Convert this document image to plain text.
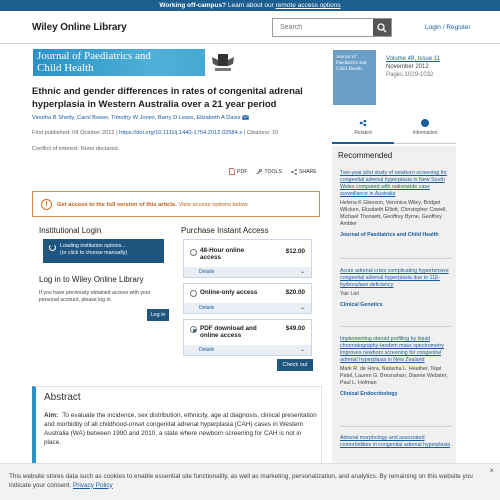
Working off-campus? Learn about our remote access options
Wiley Online Library
Search	Login / Register
Journal of Paediatrics and
Child Health
Ethnic and gender differences in rates of congenital adrenal hyperplasia in Western Australia over a 21 year period
Vinutha B Shetty, Carol Bower, Timothy W Jones, Barry D Lewis, Elizabeth A Davis
First published: 08 October 2012 | https://doi.org/10.1111/j.1440-1754.2012.02584.x | Citations: 10
Conflict of interest: None declared.
PDF	TOOLS	SHARE
!	Get access to the full version of this article. View access options below.
Institutional Login
Loading institution options...
(or click to choose manually)
Log in to Wiley Online Library
If you have previously obtained access with your personal account, please log in.
Log in
Purchase Instant Access
48-Hour online
access
$12.00
Details	⌄
Online-only access	$20.00
Details	⌄
PDF download and
online access
$49.00
Details	⌄
Check out
Abstract
Aim: To evaluate the incidence, sex distribution, ethnicity, age at diagnosis, clinical presentation and morbidity of all childhood-onset congenital adrenal hyperplasia (CAH) cases in Western Australia (WA) between 1990 and 2010, a state where newborn screening for CAH is not in place.
Journal of Paediatrics and Child Health
Volume 48, Issue 11
November 2012
Pages 1029-1032
Related	Information
Recommended
Two-year pilot study of newborn screening for congenital adrenal hyperplasia in New South Wales compared with nationwide case surveillance in Australia
Helena K Gleeson, Veronica Wiley, Bridget Wilcken, Elizabeth Elliott, Christopher Cowell, Michael Thonsett, Geoffrey Byrne, Geoffrey Ambler
Journal of Paediatrics and Child Health
Acute adrenal crisis complicating hypertensive congenital adrenal hyperplasia due to 11β-hydroxylase deficiency
Yair Liel
Clinical Genetics
Implementing steroid profiling by liquid chromatography-tandem mass spectrometry improves newborn screening for congenital adrenal hyperplasia in New Zealand
Mark R. de Hora, Natasha L. Heather, Tejal Patel, Lauren G. Bresnahan, Dianne Webster, Paul L. Hofman
Clinical Endocrinology
Adrenal morphology and associated comorbidities in congenital adrenal hyperplasia
This website stores data such as cookies to enable essential site functionality, as well as marketing, personalization, and analytics. By remaining on this website you indicate your consent. Privacy Policy
×
